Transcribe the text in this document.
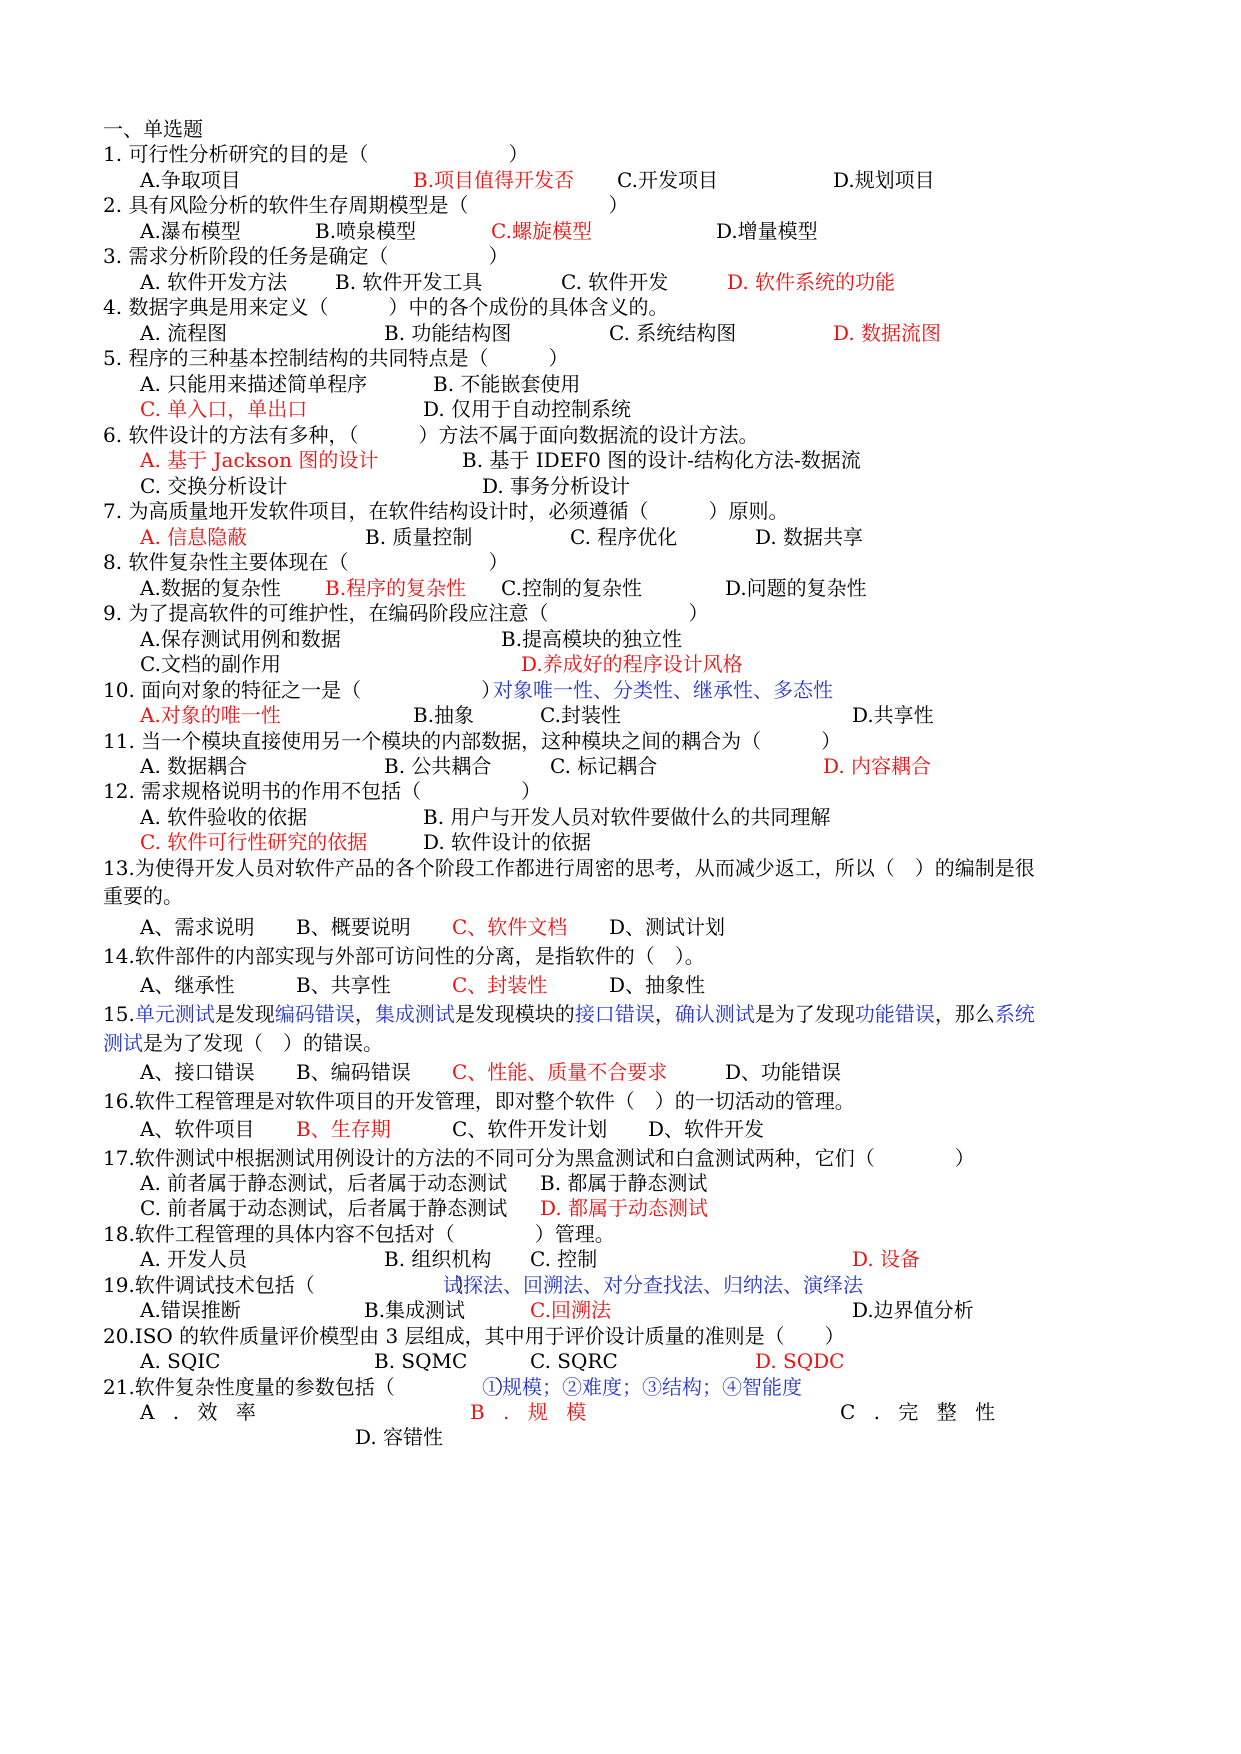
一、单选题
1. 可行性分析研究的目的是（　　　　　　　）
A.争取项目	B.项目值得开发否 C.开发项目	D.规划项目
2. 具有风险分析的软件生存周期模型是（　　　　　　　）
A.瀑布模型	B.喷泉模型	C.螺旋模型	D.增量模型
3. 需求分析阶段的任务是确定（　　　　　）
A. 软件开发方法 B. 软件开发工具	C. 软件开发	D. 软件系统的功能
4. 数据字典是用来定义（　　　）中的各个成份的具体含义的。
A. 流程图	B. 功能结构图	C. 系统结构图	D. 数据流图
5. 程序的三种基本控制结构的共同特点是（　　　）
A. 只能用来描述简单程序	B. 不能嵌套使用
C. 单入口，单出口	D. 仅用于自动控制系统
6. 软件设计的方法有多种，（　　　）方法不属于面向数据流的设计方法。
A. 基于 Jackson 图的设计	B. 基于 IDEF0 图的设计-结构化方法-数据流
C. 交换分析设计	D. 事务分析设计
7. 为高质量地开发软件项目，在软件结构设计时，必须遵循（　　　）原则。
A. 信息隐蔽	B. 质量控制	C. 程序优化	D. 数据共享
8. 软件复杂性主要体现在（　　　　　　　）
A.数据的复杂性 B.程序的复杂性 C.控制的复杂性	D.问题的复杂性
9. 为了提高软件的可维护性，在编码阶段应注意（　　　　　　　）
A.保存测试用例和数据	B.提高模块的独立性
C.文档的副作用	D.养成好的程序设计风格
10. 面向对象的特征之一是（　　　　　　）
对象唯一性、分类性、继承性、多态性
A.对象的唯一性	B.抽象	C.封装性	D.共享性
11. 当一个模块直接使用另一个模块的内部数据，这种模块之间的耦合为（　　　）
A. 数据耦合	B. 公共耦合	C. 标记耦合	D. 内容耦合
12. 需求规格说明书的作用不包括（　　　　　）
A. 软件验收的依据	B. 用户与开发人员对软件要做什么的共同理解
C. 软件可行性研究的依据	D. 软件设计的依据
13.为使得开发人员对软件产品的各个阶段工作都进行周密的思考，从而减少返工，所以（　）的编制是很
重要的。
A、需求说明 B、概要说明 C、软件文档 D、测试计划
14.软件部件的内部实现与外部可访问性的分离，是指软件的（　）。
A、继承性	B、共享性	C、封装性	D、抽象性
15.单元测试是发现编码错误，集成测试是发现模块的接口错误，确认测试是为了发现功能错误，那么系统
测试是为了发现（　）的错误。
A、接口错误 B、编码错误 C、性能、质量不合要求	D、功能错误
16.软件工程管理是对软件项目的开发管理，即对整个软件（　）的一切活动的管理。
A、软件项目 B、生存期	C、软件开发计划 D、软件开发
17.软件测试中根据测试用例设计的方法的不同可分为黑盒测试和白盒测试两种，它们（　　　　）
A. 前者属于静态测试，后者属于动态测试 B. 都属于静态测试
C. 前者属于动态测试，后者属于静态测试 D. 都属于动态测试
18.软件工程管理的具体内容不包括对（　　　　）管理。
A. 开发人员	B. 组织机构 C. 控制	D. 设备
19.软件调试技术包括（　　　　　　　）
试探法、回溯法、对分查找法、归纳法、演绎法
A.错误推断	B.集成测试	C.回溯法	D.边界值分析
20.ISO 的软件质量评价模型由 3 层组成，其中用于评价设计质量的准则是（　　）
A. SQIC	B. SQMC	C. SQRC	D. SQDC
21.软件复杂性度量的参数包括（　　　　　）
①规模；②难度；③结构；④智能度
A . 效 率	B . 规 模	C . 完 整 性
D. 容错性
